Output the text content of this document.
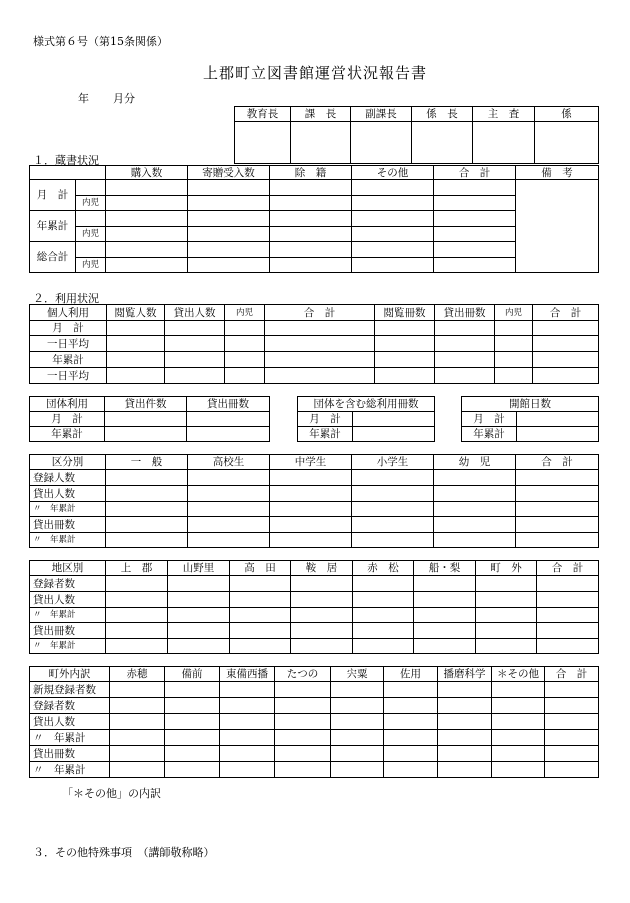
様式第６号（第15条関係）
上郡町立図書館運営状況報告書
年 月分
教育長	課　長	副課長	係　長	主　査	係

１．蔵書状況
		購入数	寄贈受入数	除　籍	その他	合　計	備　考
月　計							
	内児						
年累計							
	内児						
総合計							
	内児						
２．利用状況
個人利用	閲覧人数	貸出人数	内児	合　計	閲覧冊数	貸出冊数	内児	合　計
月　計								
一日平均								
年累計								
一日平均								
団体利用	貸出件数	貸出冊数
月　計		
年累計		
団体を含む総利用冊数	
月　計	
年累計	
開館日数	
月　計	
年累計	
区分別	一　般	高校生	中学生	小学生	幼　児	合　計
登録人数						
貸出人数						
〃　年累計						
貸出冊数						
〃　年累計						
地区別	上　郡	山野里	高　田	鞍　居	赤　松	船・梨	町　外	合　計
登録者数								
貸出人数								
〃　年累計								
貸出冊数								
〃　年累計								
町外内訳	赤穂	備前	東備西播	たつの	宍粟	佐用	播磨科学	＊その他	合　計
新規登録者数									
登録者数									
貸出人数									
〃　年累計									
貸出冊数									
〃　年累計									
「＊その他」の内訳
３．その他特殊事項　（講師敬称略）
